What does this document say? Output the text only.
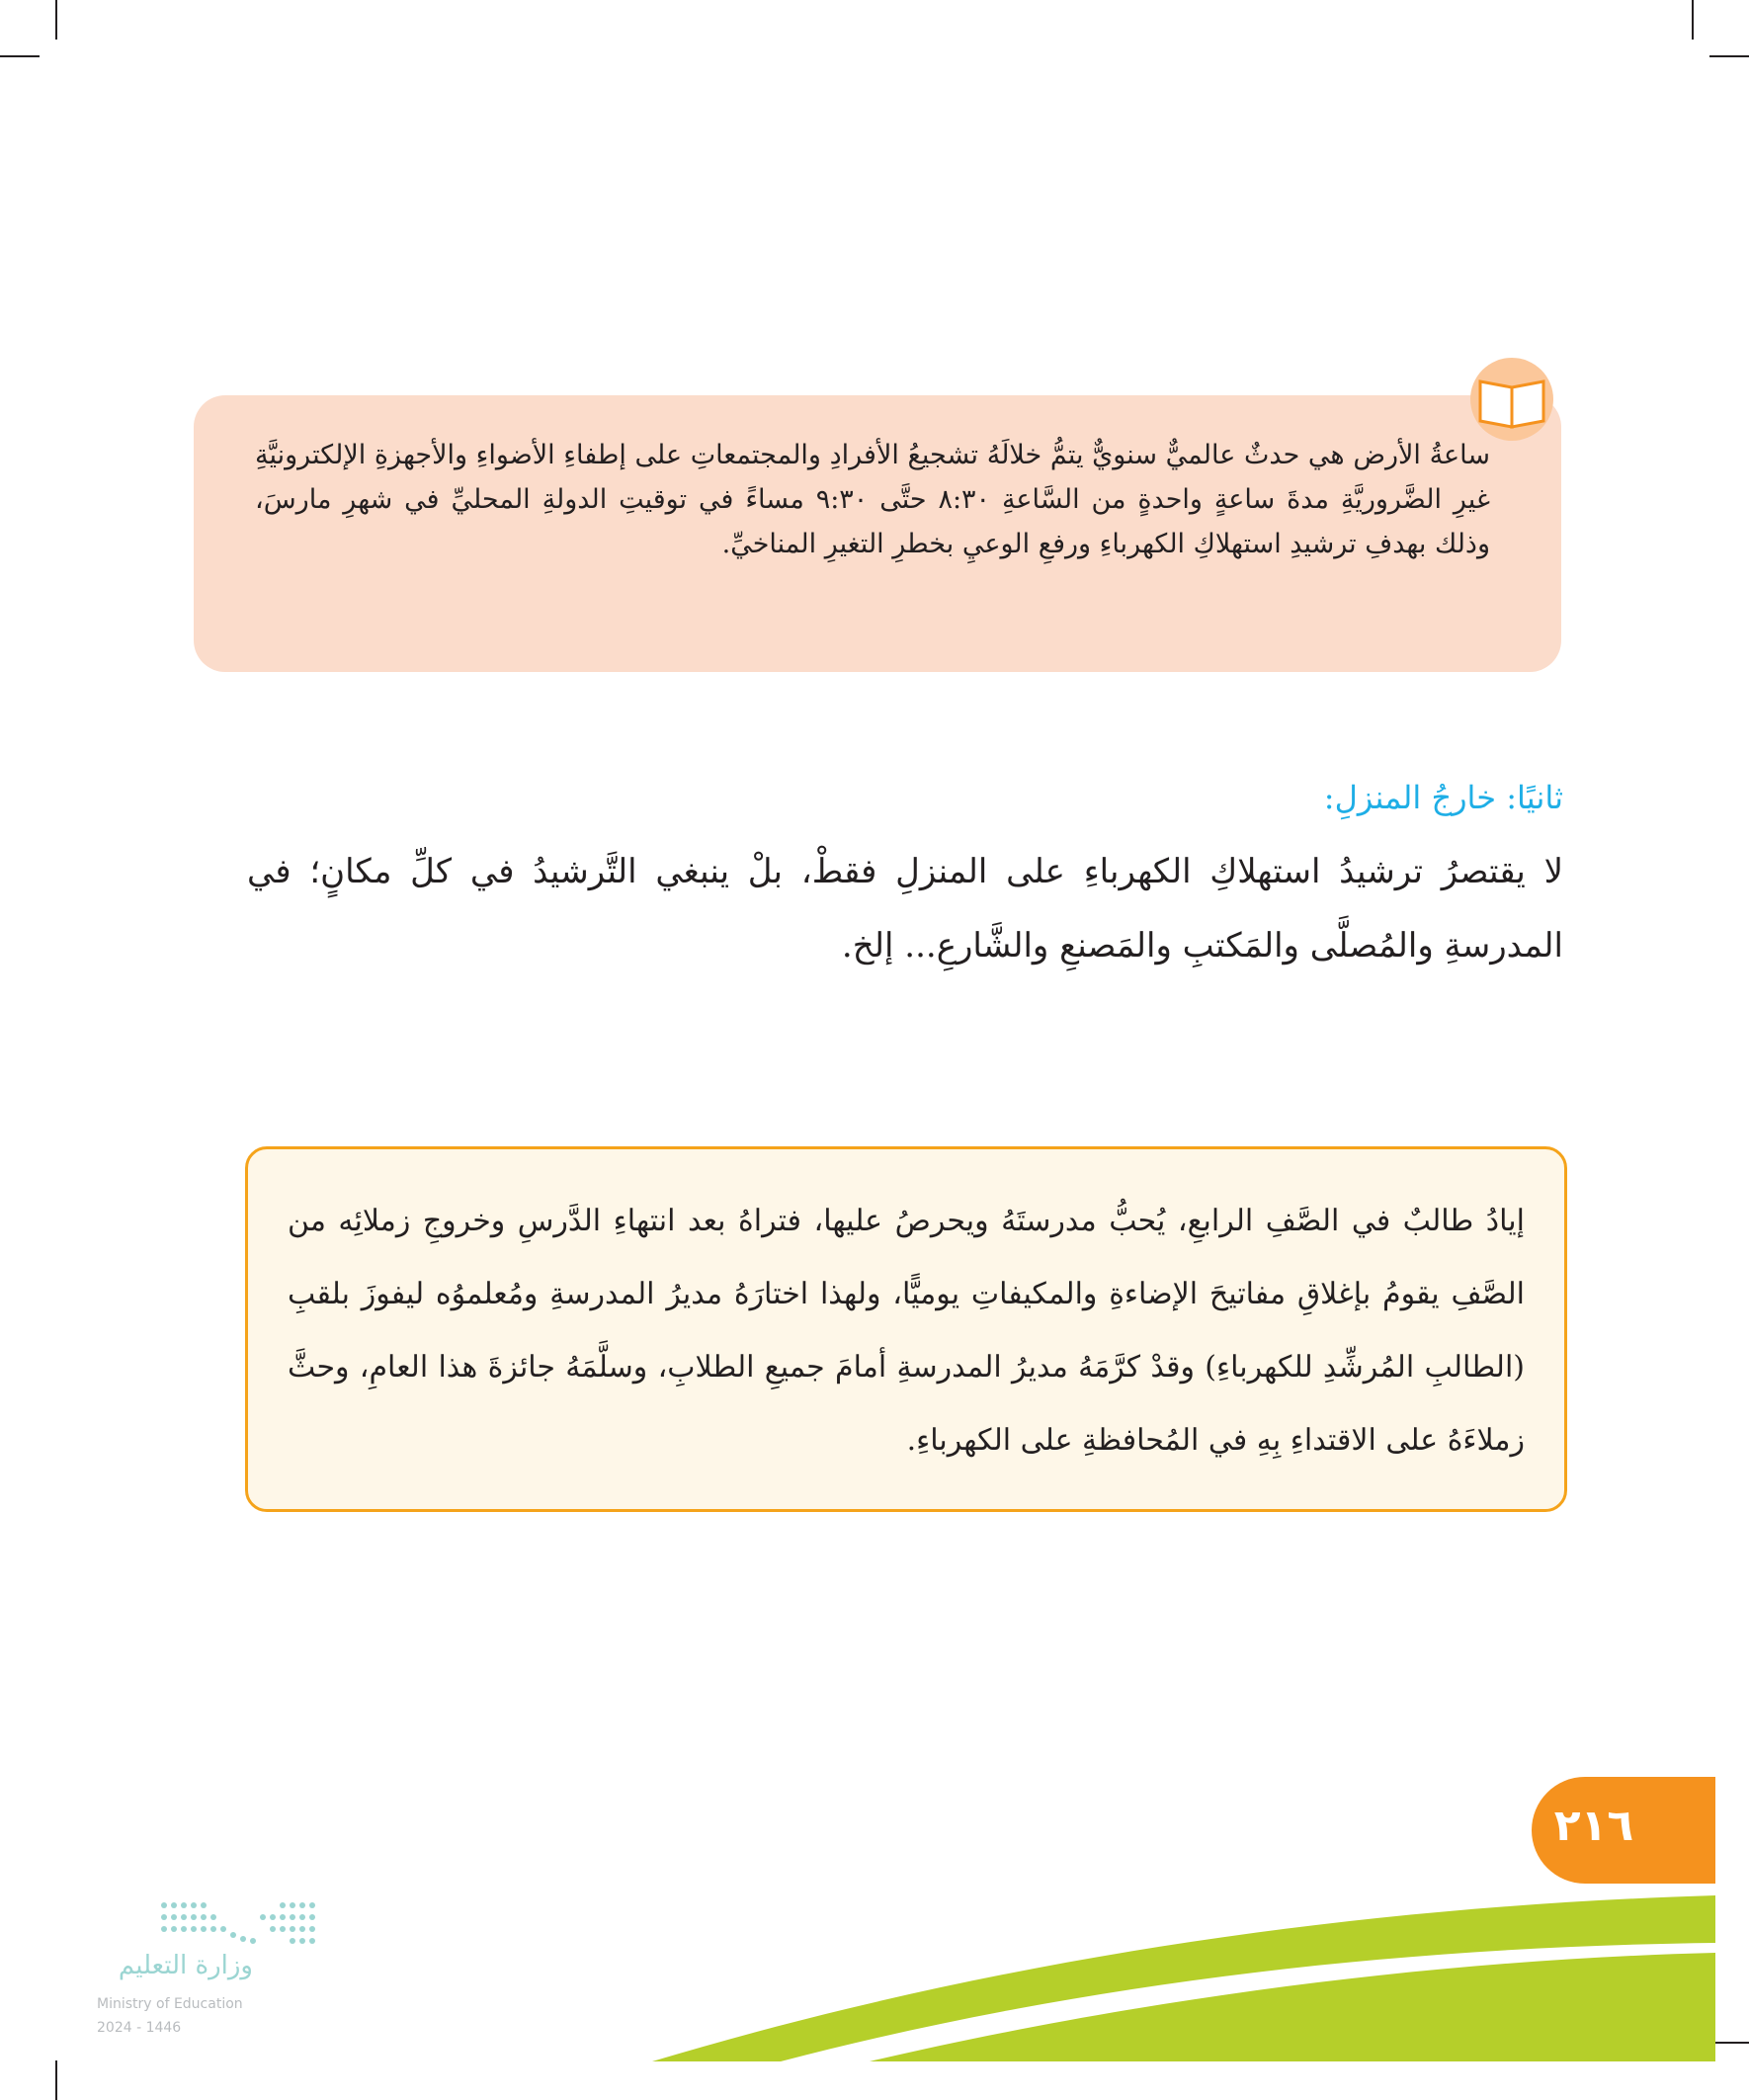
ساعةُ الأرض هي حدثٌ عالميٌّ سنويٌّ يتمُّ خلالَهُ تشجيعُ الأفرادِ والمجتمعاتِ على إطفاءِ الأضواءِ والأجهزةِ الإلكترونيَّةِ غيرِ الضَّروريَّةِ مدةَ ساعةٍ واحدةٍ من السَّاعةِ ٨:٣٠ حتَّى ٩:٣٠ مساءً في توقيتِ الدولةِ المحليِّ في شهرِ مارسَ، وذلك بهدفِ ترشيدِ استهلاكِ الكهرباءِ ورفعِ الوعيِ بخطرِ التغيرِ المناخيِّ.

ثانيًا: خارجُ المنزلِ:

لا يقتصرُ ترشيدُ استهلاكِ الكهرباءِ على المنزلِ فقطْ، بلْ ينبغي التَّرشيدُ في كلِّ مكانٍ؛ في المدرسةِ والمُصلَّى والمَكتبِ والمَصنعِ والشَّارعِ... إلخ.

إيادُ طالبٌ في الصَّفِ الرابعِ، يُحبُّ مدرستَهُ ويحرصُ عليها، فتراهُ بعد انتهاءِ الدَّرسِ وخروجِ زملائِه من الصَّفِ يقومُ بإغلاقِ مفاتيحَ الإضاءةِ والمكيفاتِ يوميًّا، ولهذا اختارَهُ مديرُ المدرسةِ ومُعلموُه ليفوزَ بلقبِ (الطالبِ المُرشِّدِ للكهرباءِ) وقدْ كرَّمَهُ مديرُ المدرسةِ أمامَ جميعِ الطلابِ، وسلَّمَهُ جائزةَ هذا العامِ، وحثَّ زملاءَهُ على الاقتداءِ بِهِ في المُحافظةِ على الكهرباءِ.

٢١٦
وزارة التعليم
Ministry of Education
2024 - 1446
